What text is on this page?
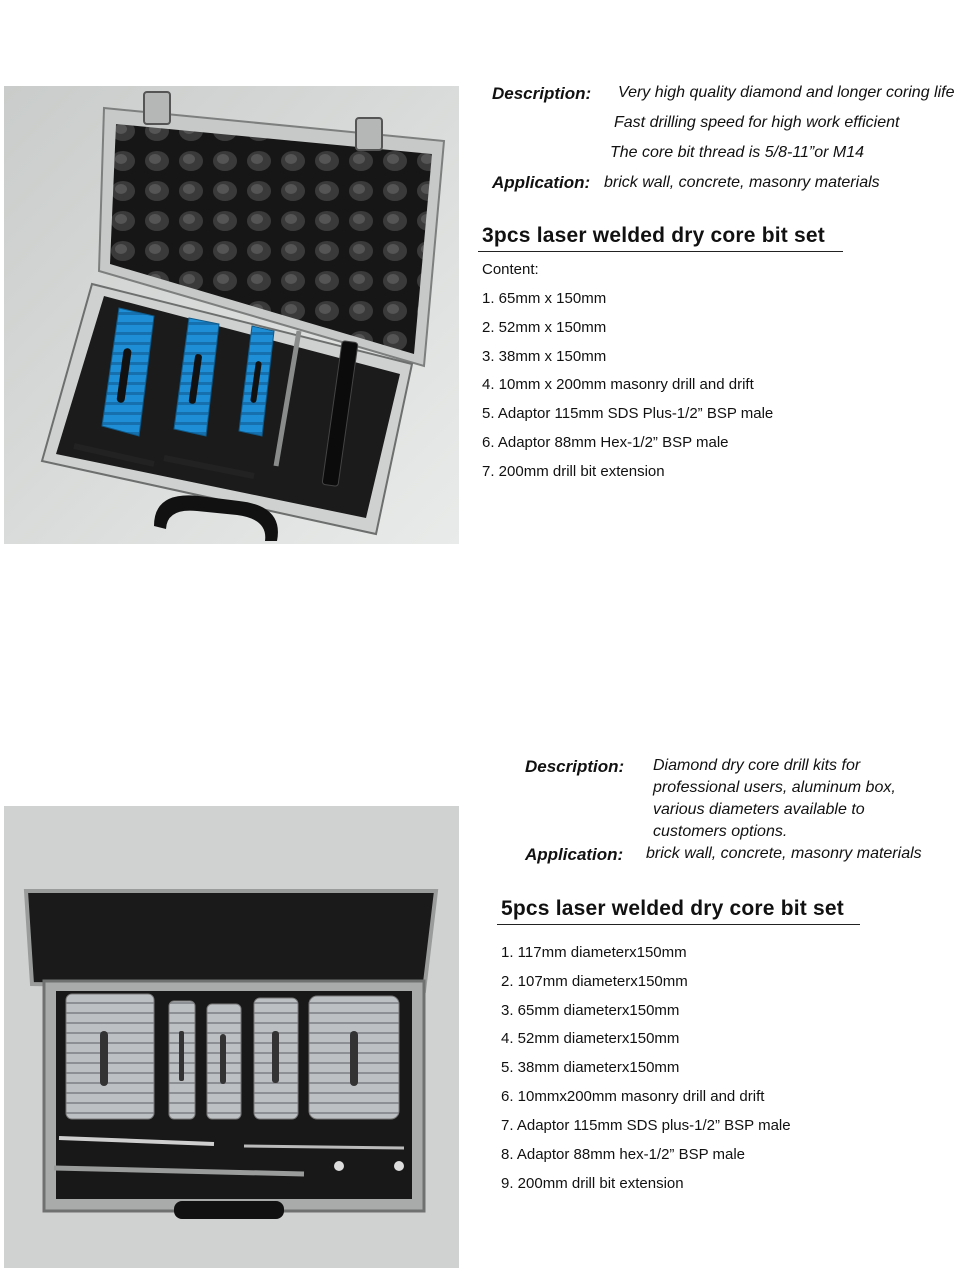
Description: Very high quality diamond and longer coring life
Fast drilling speed for high work efficient
The core bit thread is 5/8-11”or M14
Application: brick wall, concrete, masonry materials
3pcs laser welded dry core bit set
Content:
1. 65mm x 150mm
2. 52mm x 150mm
3. 38mm x 150mm
4. 10mm x 200mm masonry drill and drift
5. Adaptor 115mm SDS Plus-1/2” BSP male
6. Adaptor 88mm Hex-1/2” BSP male
7. 200mm drill bit extension
Description: Diamond dry core drill kits for
professional users, aluminum box,
various diameters available to
customers options.
Application: brick wall, concrete, masonry materials
5pcs laser welded dry core bit set
1. 117mm diameterx150mm
2. 107mm diameterx150mm
3. 65mm diameterx150mm
4. 52mm diameterx150mm
5. 38mm diameterx150mm
6. 10mmx200mm masonry drill and drift
7. Adaptor 115mm SDS plus-1/2” BSP male
8. Adaptor 88mm hex-1/2” BSP male
9. 200mm drill bit extension
